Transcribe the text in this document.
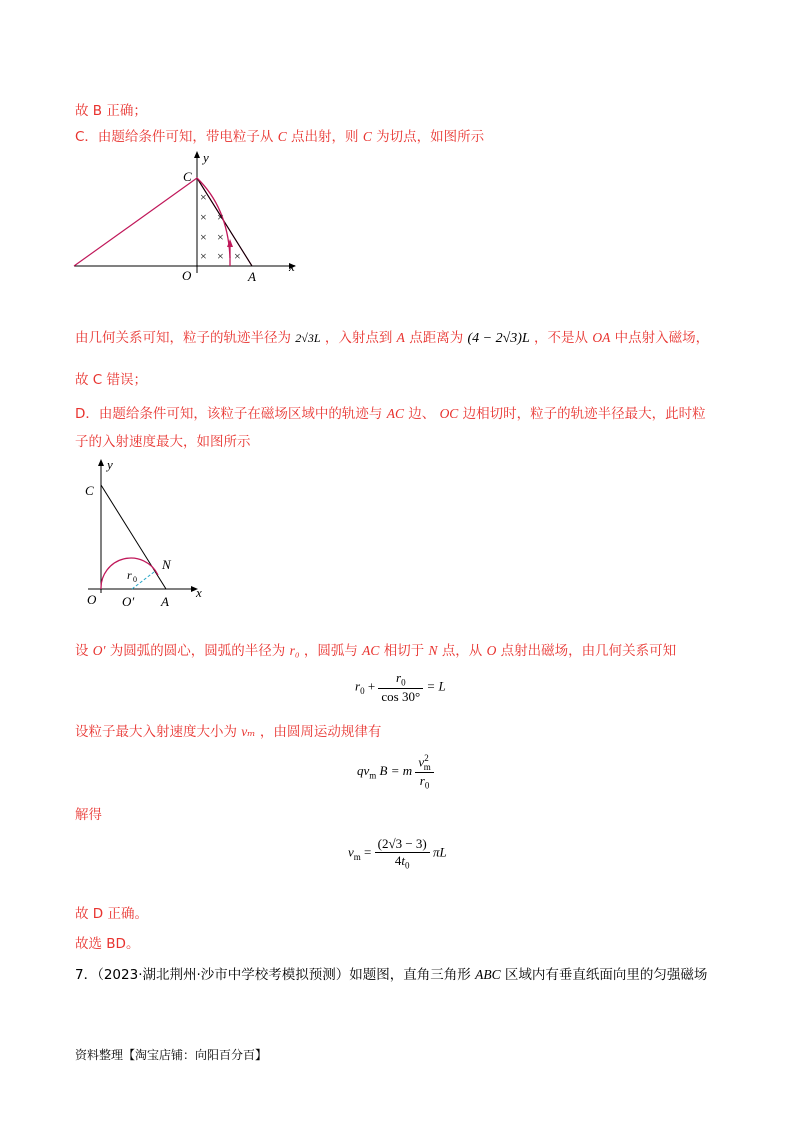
故 B 正确；
C．由题给条件可知，带电粒子从 C 点出射，则 C 为切点，如图所示
×
× ×
× ×
× × ×
y
x
C
O	A
由几何关系可知，粒子的轨迹半径为 2√3L ，入射点到 A 点距离为 (4 − 2√3)L ，不是从 OA 中点射入磁场，
故 C 错误；
D．由题给条件可知，该粒子在磁场区域中的轨迹与 AC 边、 OC 边相切时，粒子的轨迹半径最大，此时粒
子的入射速度最大，如图所示
y
x
C
O O′ A
N
r 0
设 O′ 为圆弧的圆心，圆弧的半径为 r₀ ，圆弧与 AC 相切于 N 点，从 O 点射出磁场，由几何关系可知
$r_0 + \frac{r_0}{\cos 30^\circ} = L$
设粒子最大入射速度大小为 vₘ ，由圆周运动规律有
$qv_m$ B = m $\frac{v^2_m}{r_0}$
解得
$v_m = \frac{(2√3 - 3)}{4t_0}$ πL
故 D 正确。
故选 BD。
7．（2023·湖北荆州·沙市中学校考模拟预测）如题图，直角三角形 ABC 区域内有垂直纸面向里的匀强磁场
资料整理【淘宝店铺：向阳百分百】
